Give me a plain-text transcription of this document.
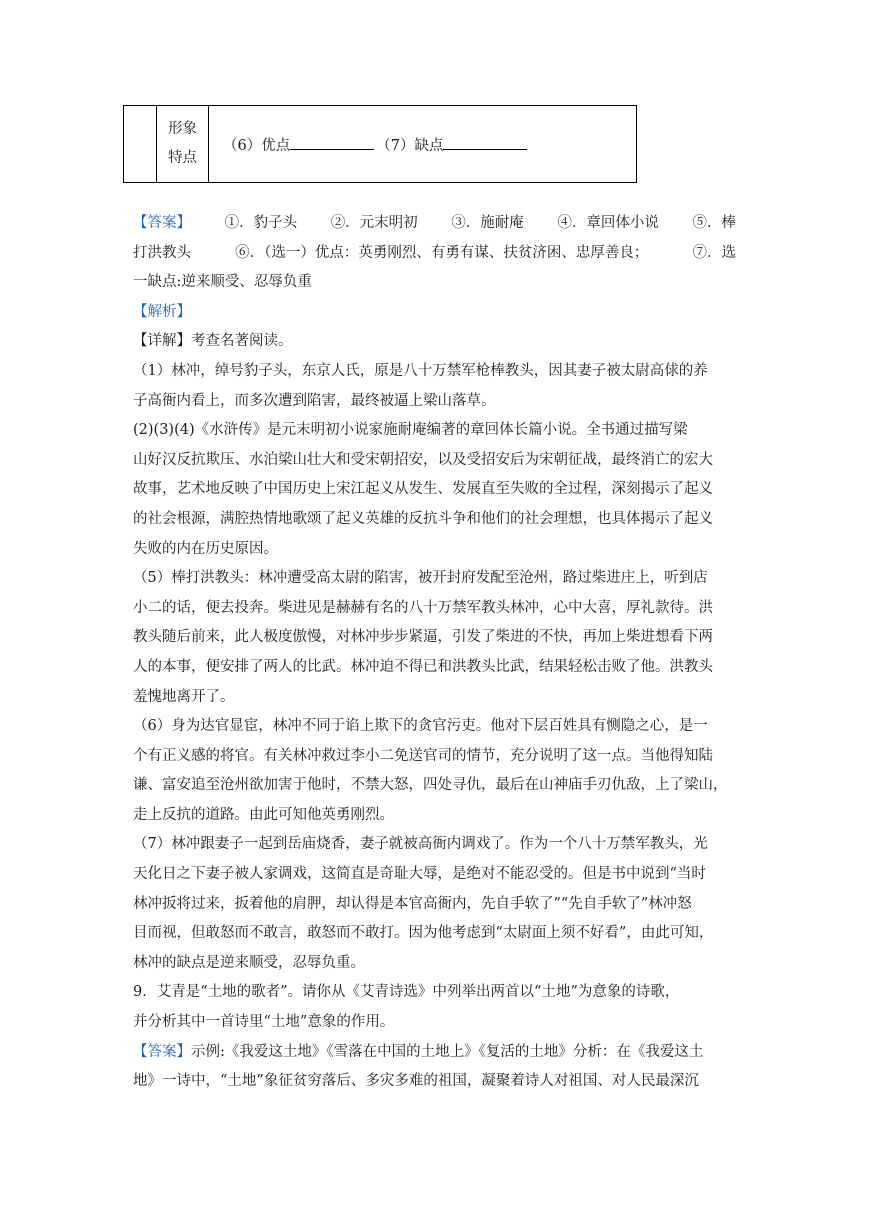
形象
特点
	（6）优点	（7）缺点
【答案】 ①．豹子头 ②．元末明初 ③．施耐庵 ④．章回体小说 ⑤．棒
打洪教头	⑥．（选一）优点：英勇刚烈、有勇有谋、扶贫济困、忠厚善良；	⑦．选

一缺点:逆来顺受、忍辱负重

【解析】

【详解】考查名著阅读。

（1）林冲，绰号豹子头，东京人氏，原是八十万禁军枪棒教头，因其妻子被太尉高俅的养

子高衙内看上，而多次遭到陷害，最终被逼上梁山落草。

(2)(3)(4)《水浒传》是元末明初小说家施耐庵编著的章回体长篇小说。全书通过描写梁

山好汉反抗欺压、水泊梁山壮大和受宋朝招安，以及受招安后为宋朝征战，最终消亡的宏大

故事，艺术地反映了中国历史上宋江起义从发生、发展直至失败的全过程，深刻揭示了起义

的社会根源，满腔热情地歌颂了起义英雄的反抗斗争和他们的社会理想，也具体揭示了起义

失败的内在历史原因。

（5）棒打洪教头：林冲遭受高太尉的陷害，被开封府发配至沧州，路过柴进庄上，听到店

小二的话，便去投奔。柴进见是赫赫有名的八十万禁军教头林冲，心中大喜，厚礼款待。洪

教头随后前来，此人极度傲慢，对林冲步步紧逼，引发了柴进的不快，再加上柴进想看下两

人的本事，便安排了两人的比武。林冲迫不得已和洪教头比武，结果轻松击败了他。洪教头

羞愧地离开了。

（6）身为达官显宦，林冲不同于谄上欺下的贪官污吏。他对下层百姓具有恻隐之心，是一

个有正义感的将官。有关林冲救过李小二免送官司的情节，充分说明了这一点。当他得知陆

谦、富安追至沧州欲加害于他时，不禁大怒，四处寻仇，最后在山神庙手刃仇敌，上了梁山，

走上反抗的道路。由此可知他英勇刚烈。

（7）林冲跟妻子一起到岳庙烧香，妻子就被高衙内调戏了。作为一个八十万禁军教头，光

天化日之下妻子被人家调戏，这简直是奇耻大辱，是绝对不能忍受的。但是书中说到“当时

林冲扳将过来，扳着他的肩胛，却认得是本官高衙内，先自手软了”“先自手软了”林冲怒

目而视，但敢怒而不敢言，敢怒而不敢打。因为他考虑到“太尉面上须不好看”，由此可知，

林冲的缺点是逆来顺受，忍辱负重。

9．艾青是“土地的歌者”。请你从《艾青诗选》中列举出两首以“土地”为意象的诗歌，

并分析其中一首诗里“土地”意象的作用。

【答案】示例:《我爱这土地》《雪落在中国的土地上》《复活的土地》分析：在《我爱这土

地》一诗中，“土地”象征贫穷落后、多灾多难的祖国，凝聚着诗人对祖国、对人民最深沉
